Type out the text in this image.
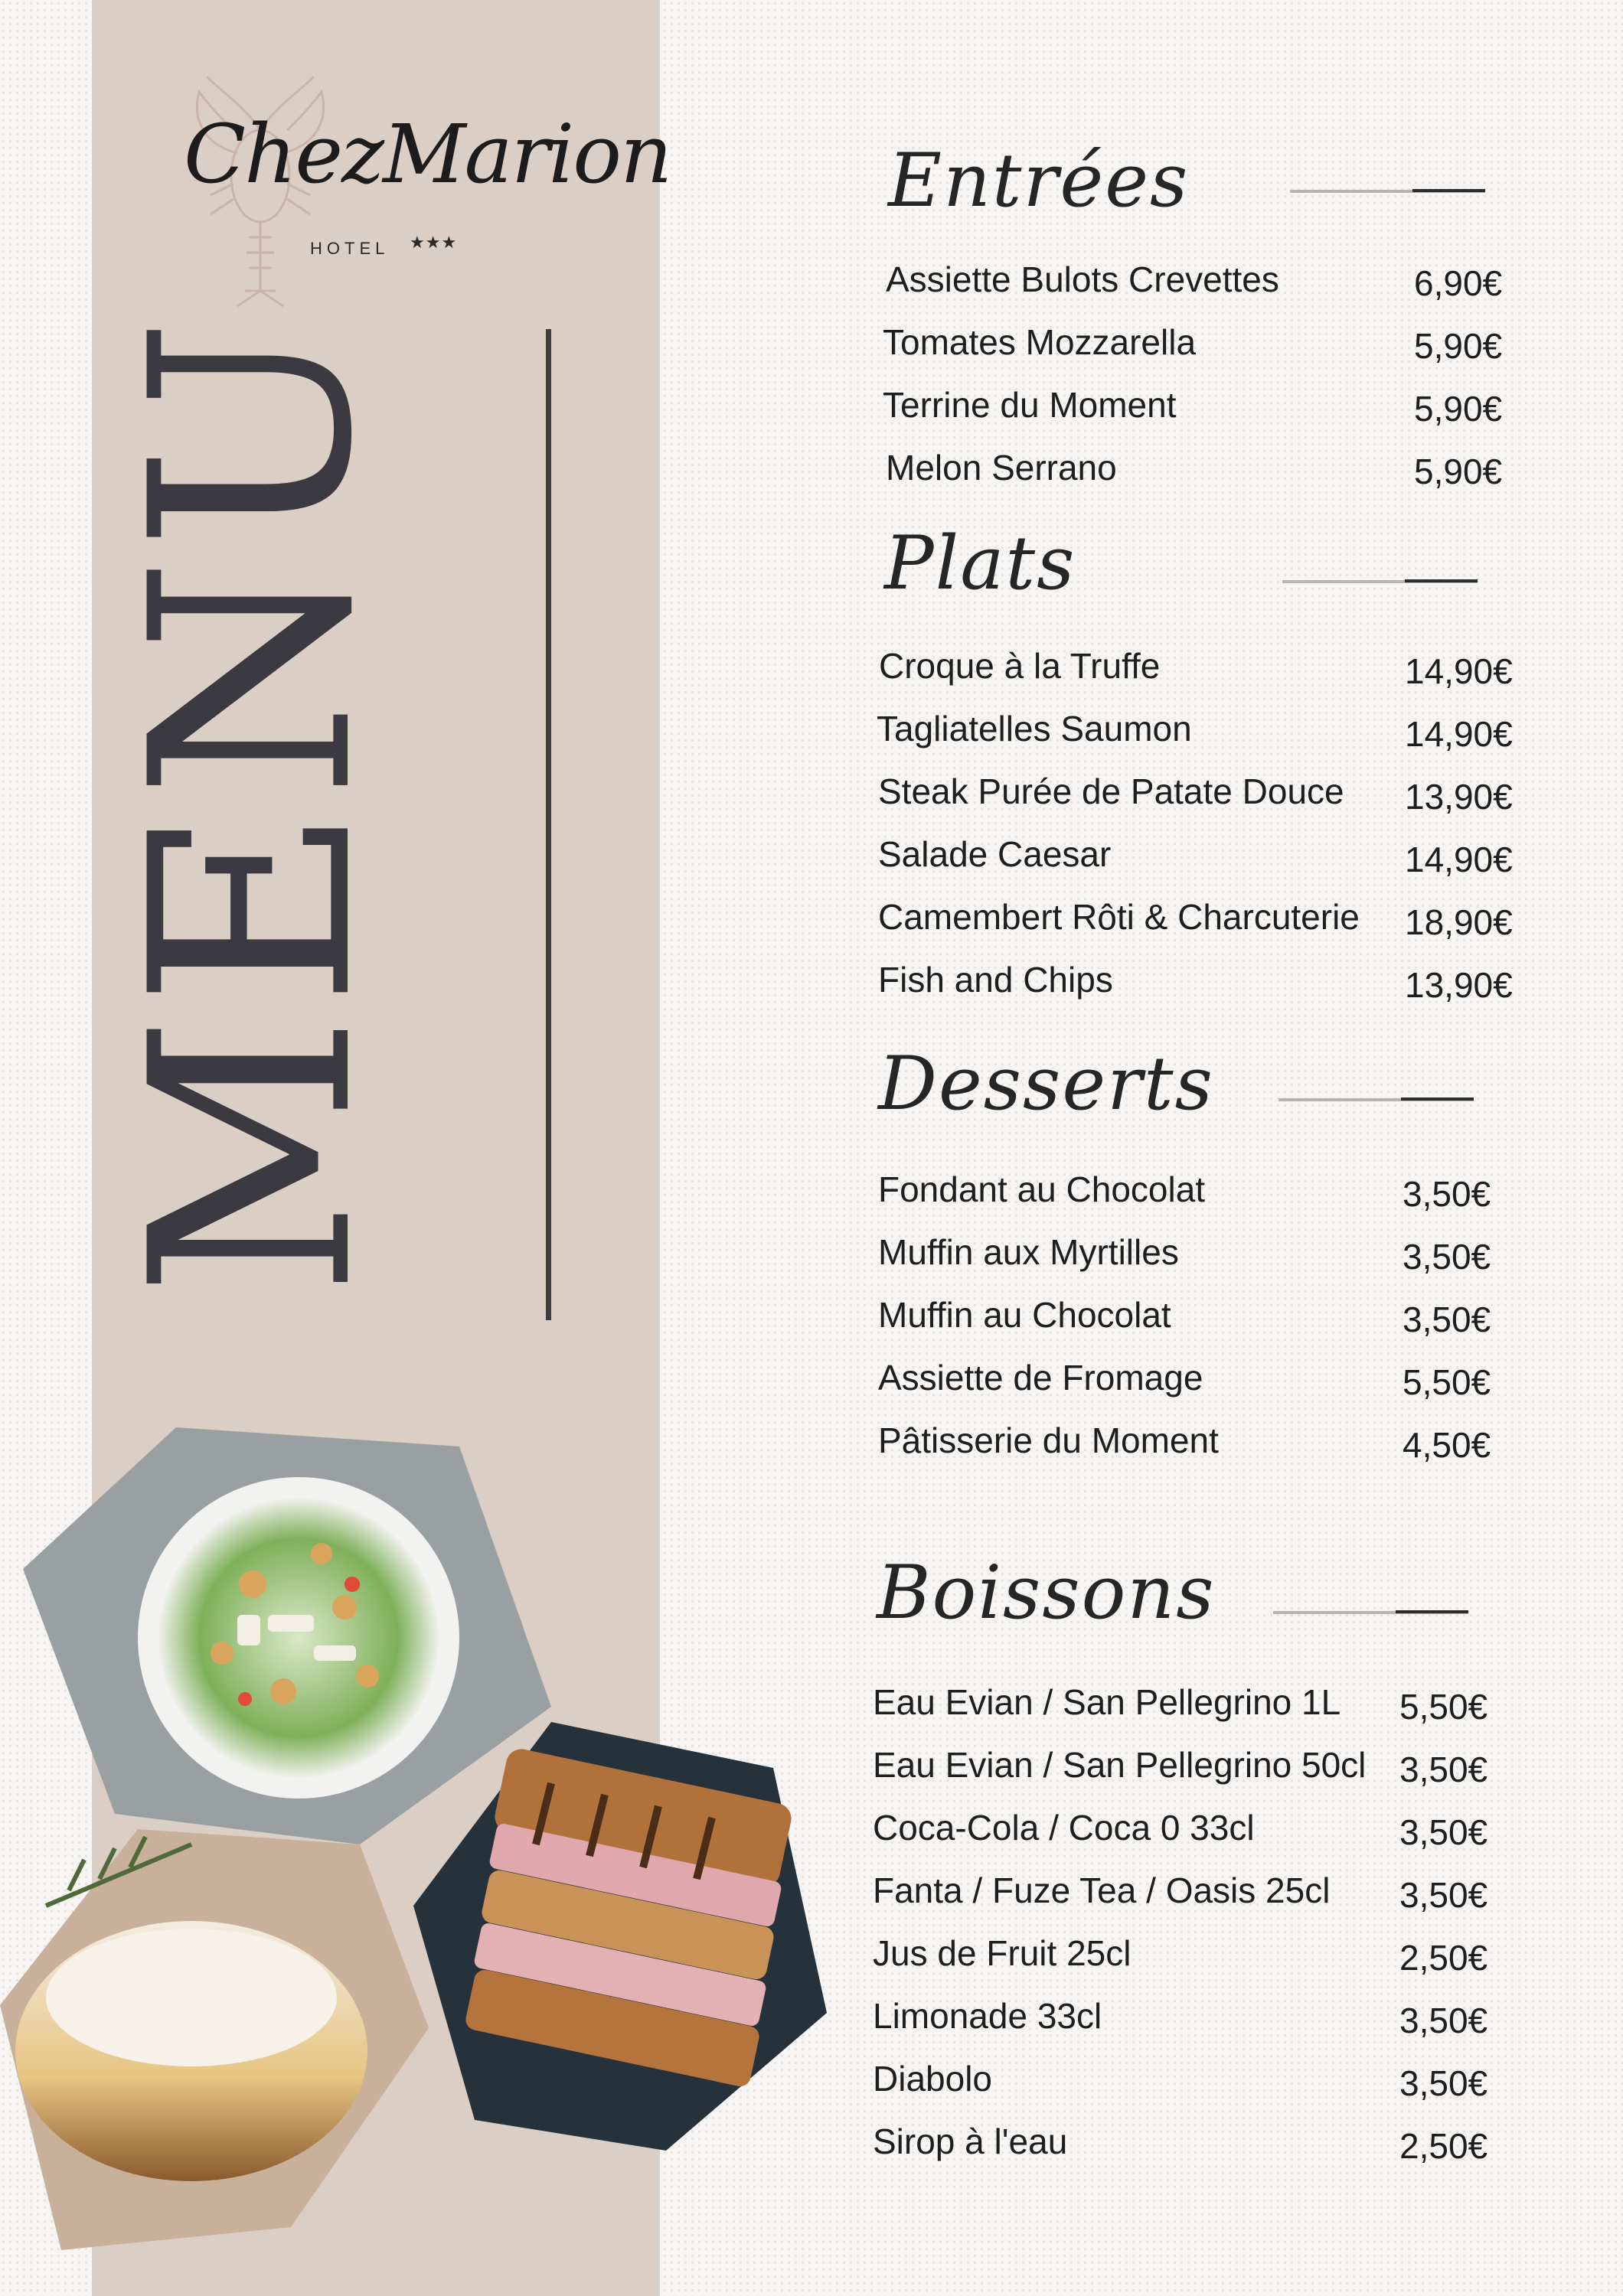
ChezMarion
HOTEL ★★★
MENU
Entrées
Assiette Bulots Crevettes	6,90€
Tomates Mozzarella	5,90€
Terrine du Moment	5,90€
Melon Serrano	5,90€
Plats
Croque à la Truffe	14,90€
Tagliatelles Saumon	14,90€
Steak Purée de Patate Douce 13,90€
Salade Caesar	14,90€
Camembert Rôti & Charcuterie 18,90€
Fish and Chips	13,90€
Desserts
Fondant au Chocolat	3,50€
Muffin aux Myrtilles	3,50€
Muffin au Chocolat	3,50€
Assiette de Fromage	5,50€
Pâtisserie du Moment	4,50€
Boissons
Eau Evian / San Pellegrino 1L 5,50€
Eau Evian / San Pellegrino 50cl 3,50€
Coca-Cola / Coca 0 33cl	3,50€
Fanta / Fuze Tea / Oasis 25cl 3,50€
Jus de Fruit 25cl	2,50€
Limonade 33cl	3,50€
Diabolo	3,50€
Sirop à l'eau	2,50€
